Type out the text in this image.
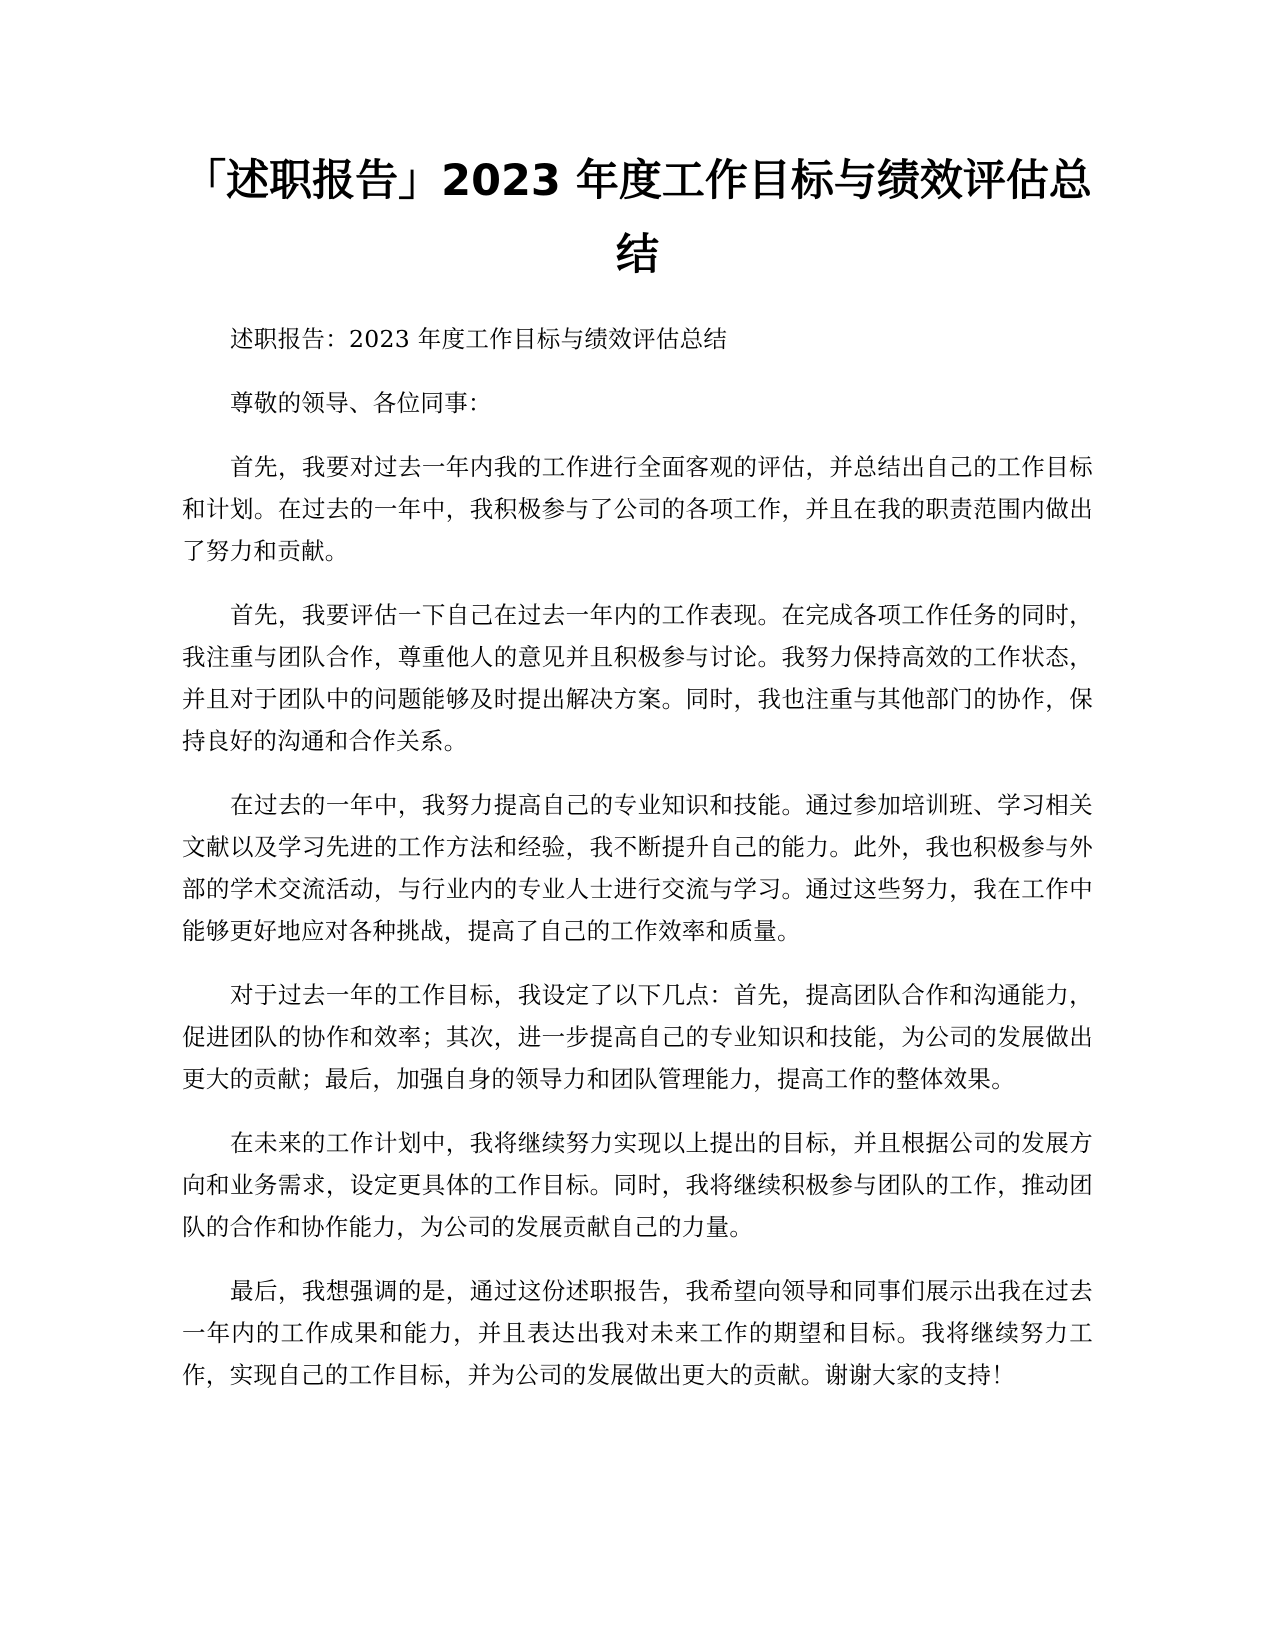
「述职报告」2023 年度工作目标与绩效评估总结

述职报告：2023 年度工作目标与绩效评估总结

尊敬的领导、各位同事：

首先，我要对过去一年内我的工作进行全面客观的评估，并总结出自己的工作目标和计划。在过去的一年中，我积极参与了公司的各项工作，并且在我的职责范围内做出了努力和贡献。

首先，我要评估一下自己在过去一年内的工作表现。在完成各项工作任务的同时，我注重与团队合作，尊重他人的意见并且积极参与讨论。我努力保持高效的工作状态，并且对于团队中的问题能够及时提出解决方案。同时，我也注重与其他部门的协作，保持良好的沟通和合作关系。

在过去的一年中，我努力提高自己的专业知识和技能。通过参加培训班、学习相关文献以及学习先进的工作方法和经验，我不断提升自己的能力。此外，我也积极参与外部的学术交流活动，与行业内的专业人士进行交流与学习。通过这些努力，我在工作中能够更好地应对各种挑战，提高了自己的工作效率和质量。

对于过去一年的工作目标，我设定了以下几点：首先，提高团队合作和沟通能力，促进团队的协作和效率；其次，进一步提高自己的专业知识和技能，为公司的发展做出更大的贡献；最后，加强自身的领导力和团队管理能力，提高工作的整体效果。

在未来的工作计划中，我将继续努力实现以上提出的目标，并且根据公司的发展方向和业务需求，设定更具体的工作目标。同时，我将继续积极参与团队的工作，推动团队的合作和协作能力，为公司的发展贡献自己的力量。

最后，我想强调的是，通过这份述职报告，我希望向领导和同事们展示出我在过去一年内的工作成果和能力，并且表达出我对未来工作的期望和目标。我将继续努力工作，实现自己的工作目标，并为公司的发展做出更大的贡献。谢谢大家的支持！
